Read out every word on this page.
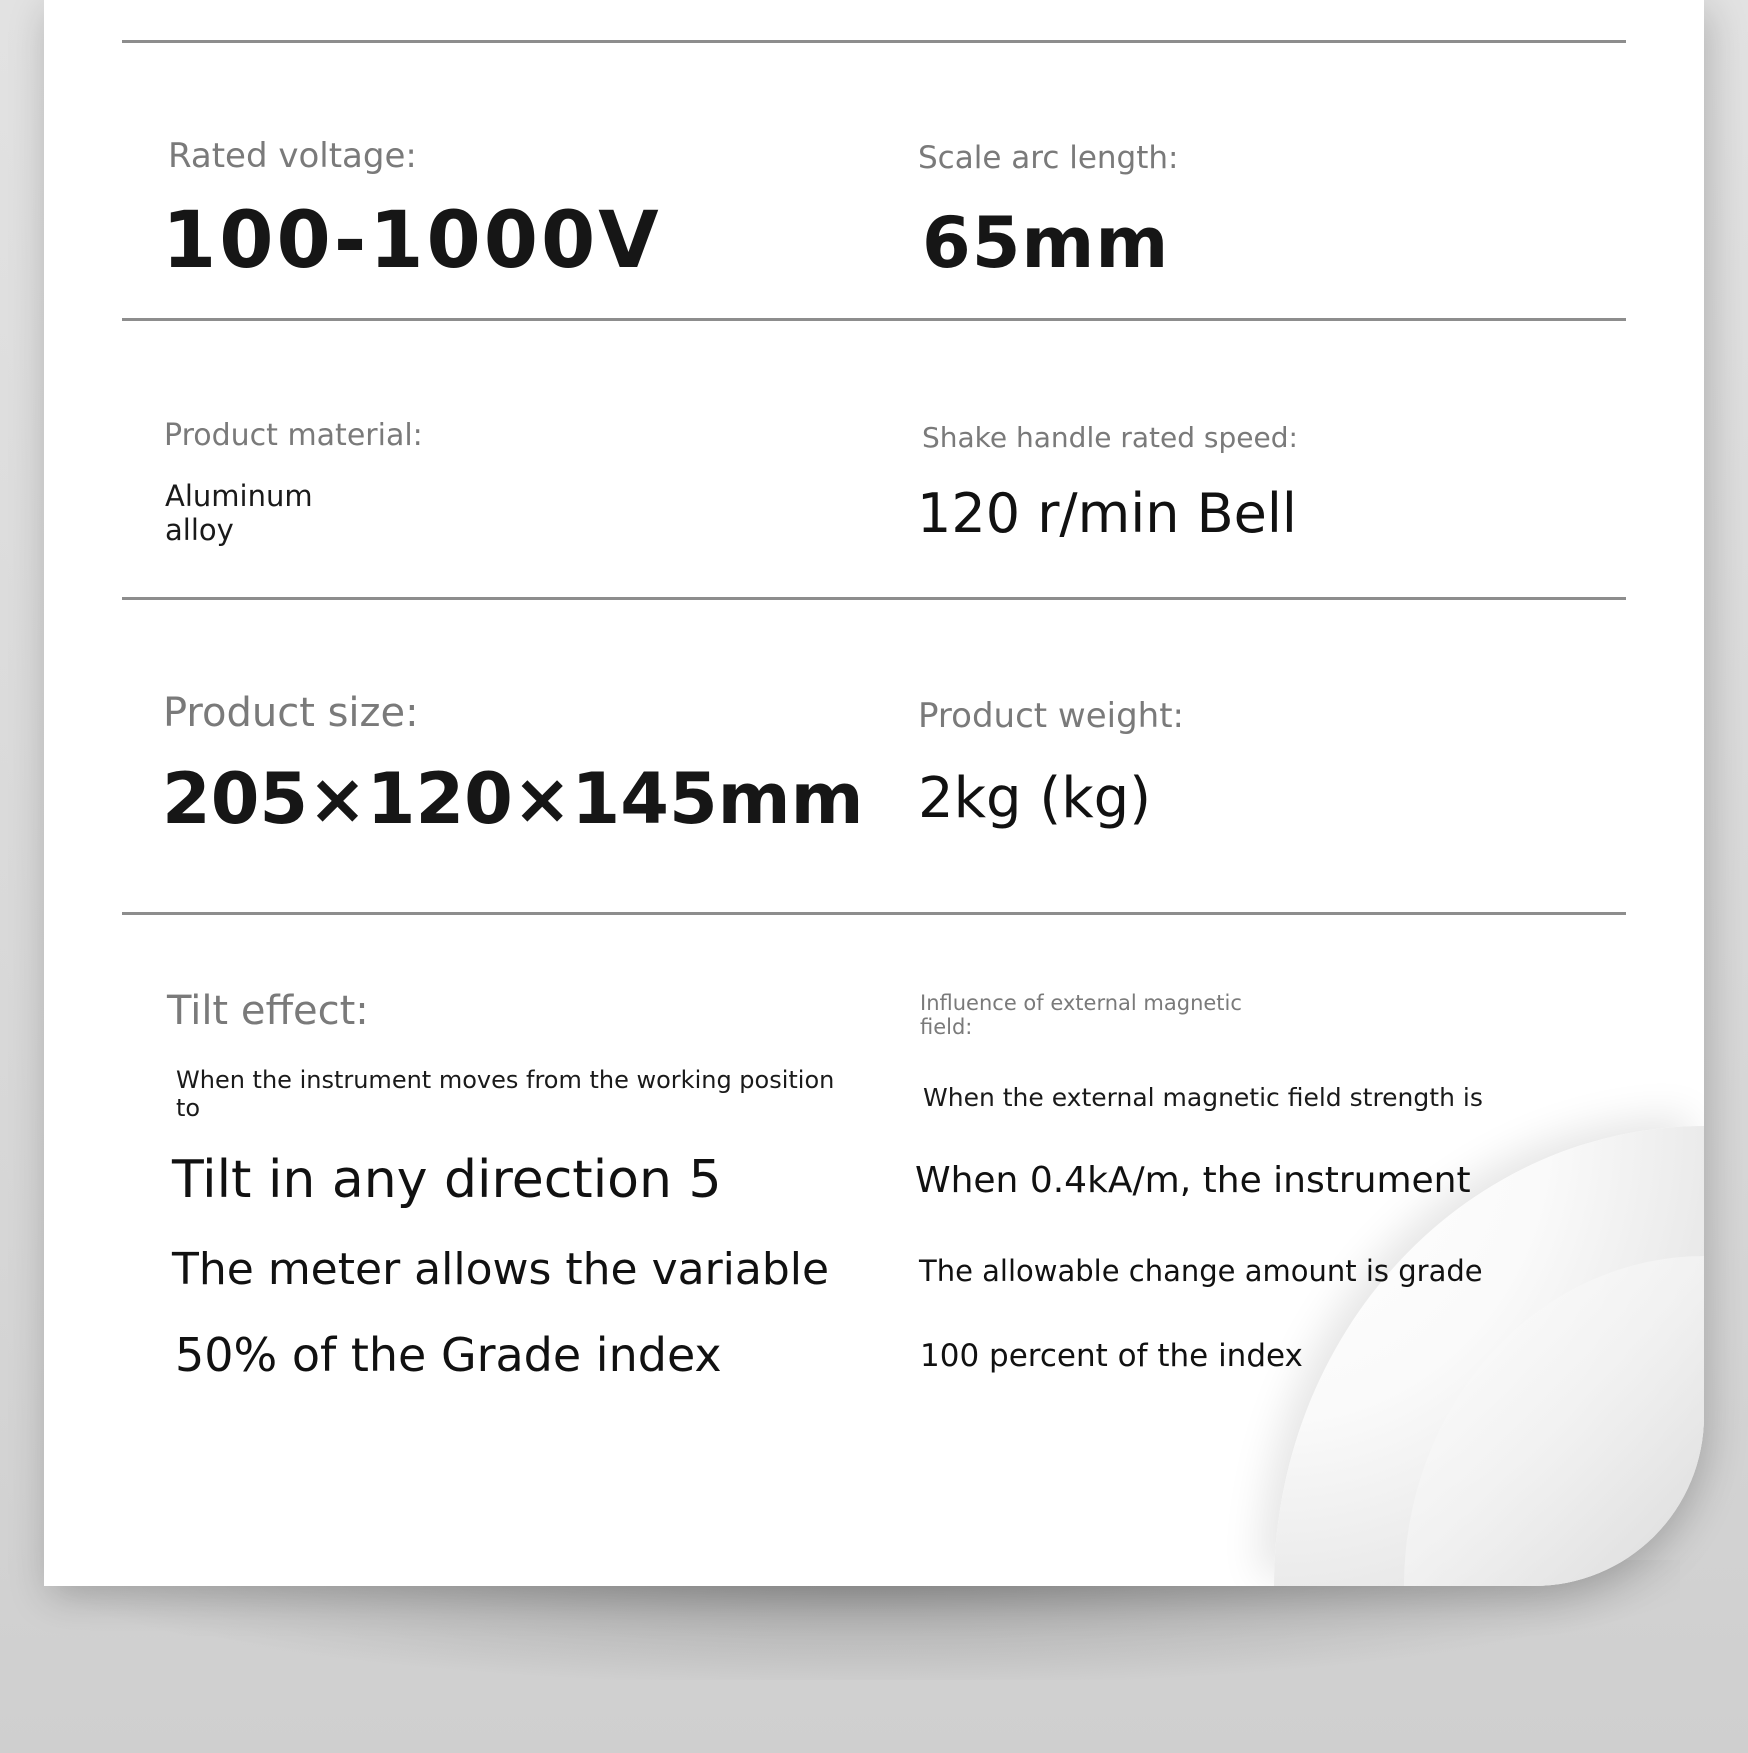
Rated voltage:
100-1000V
Scale arc length:
65mm
Product material:
Aluminum
alloy
Shake handle rated speed:
120 r/min Bell
Product size:
205×120×145mm
Product weight:
2kg (kg)
Tilt effect:
When the instrument moves from the working position
to
Tilt in any direction 5
The meter allows the variable
50% of the Grade index
Influence of external magnetic
field:
When the external magnetic field strength is
When 0.4kA/m, the instrument
The allowable change amount is grade
100 percent of the index
